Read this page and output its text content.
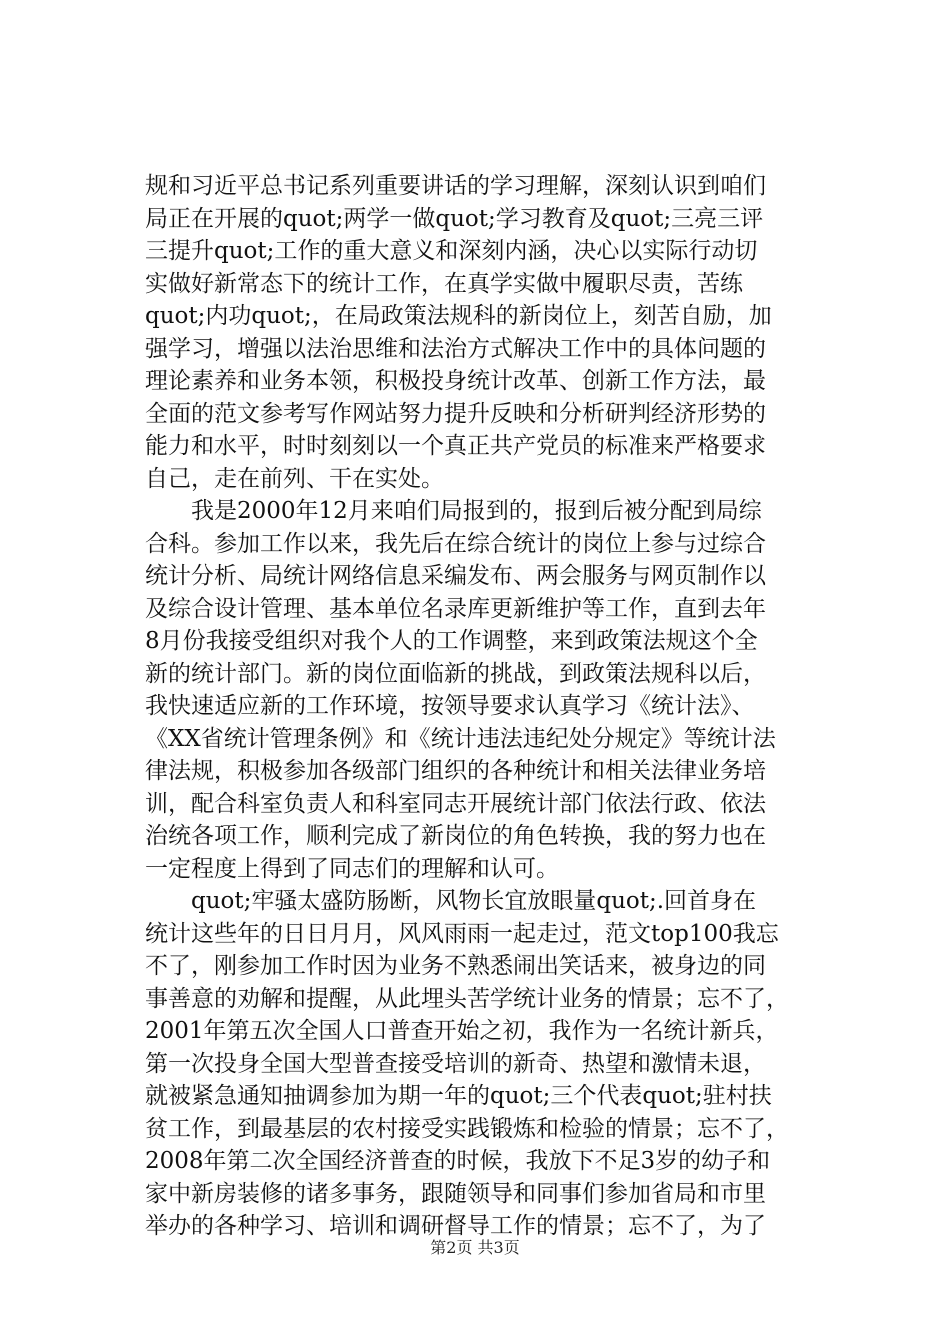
规和习近平总书记系列重要讲话的学习理解，深刻认识到咱们
局正在开展的quot;两学一做quot;学习教育及quot;三亮三评
三提升quot;工作的重大意义和深刻内涵，决心以实际行动切
实做好新常态下的统计工作，在真学实做中履职尽责，苦练
quot;内功quot;，在局政策法规科的新岗位上，刻苦自励，加
强学习，增强以法治思维和法治方式解决工作中的具体问题的
理论素养和业务本领，积极投身统计改革、创新工作方法，最
全面的范文参考写作网站努力提升反映和分析研判经济形势的
能力和水平，时时刻刻以一个真正共产党员的标准来严格要求
自己，走在前列、干在实处。
　　我是2000年12月来咱们局报到的，报到后被分配到局综
合科。参加工作以来，我先后在综合统计的岗位上参与过综合
统计分析、局统计网络信息采编发布、两会服务与网页制作以
及综合设计管理、基本单位名录库更新维护等工作，直到去年
8月份我接受组织对我个人的工作调整，来到政策法规这个全
新的统计部门。新的岗位面临新的挑战，到政策法规科以后，
我快速适应新的工作环境，按领导要求认真学习《统计法》、
《XX省统计管理条例》和《统计违法违纪处分规定》等统计法
律法规，积极参加各级部门组织的各种统计和相关法律业务培
训，配合科室负责人和科室同志开展统计部门依法行政、依法
治统各项工作，顺利完成了新岗位的角色转换，我的努力也在
一定程度上得到了同志们的理解和认可。
　　quot;牢骚太盛防肠断，风物长宜放眼量quot;.回首身在
统计这些年的日日月月，风风雨雨一起走过，范文top100我忘
不了，刚参加工作时因为业务不熟悉闹出笑话来，被身边的同
事善意的劝解和提醒，从此埋头苦学统计业务的情景；忘不了，
2001年第五次全国人口普查开始之初，我作为一名统计新兵，
第一次投身全国大型普查接受培训的新奇、热望和激情未退，
就被紧急通知抽调参加为期一年的quot;三个代表quot;驻村扶
贫工作，到最基层的农村接受实践锻炼和检验的情景；忘不了，
2008年第二次全国经济普查的时候，我放下不足3岁的幼子和
家中新房装修的诸多事务，跟随领导和同事们参加省局和市里
举办的各种学习、培训和调研督导工作的情景；忘不了，为了
第2页 共3页
